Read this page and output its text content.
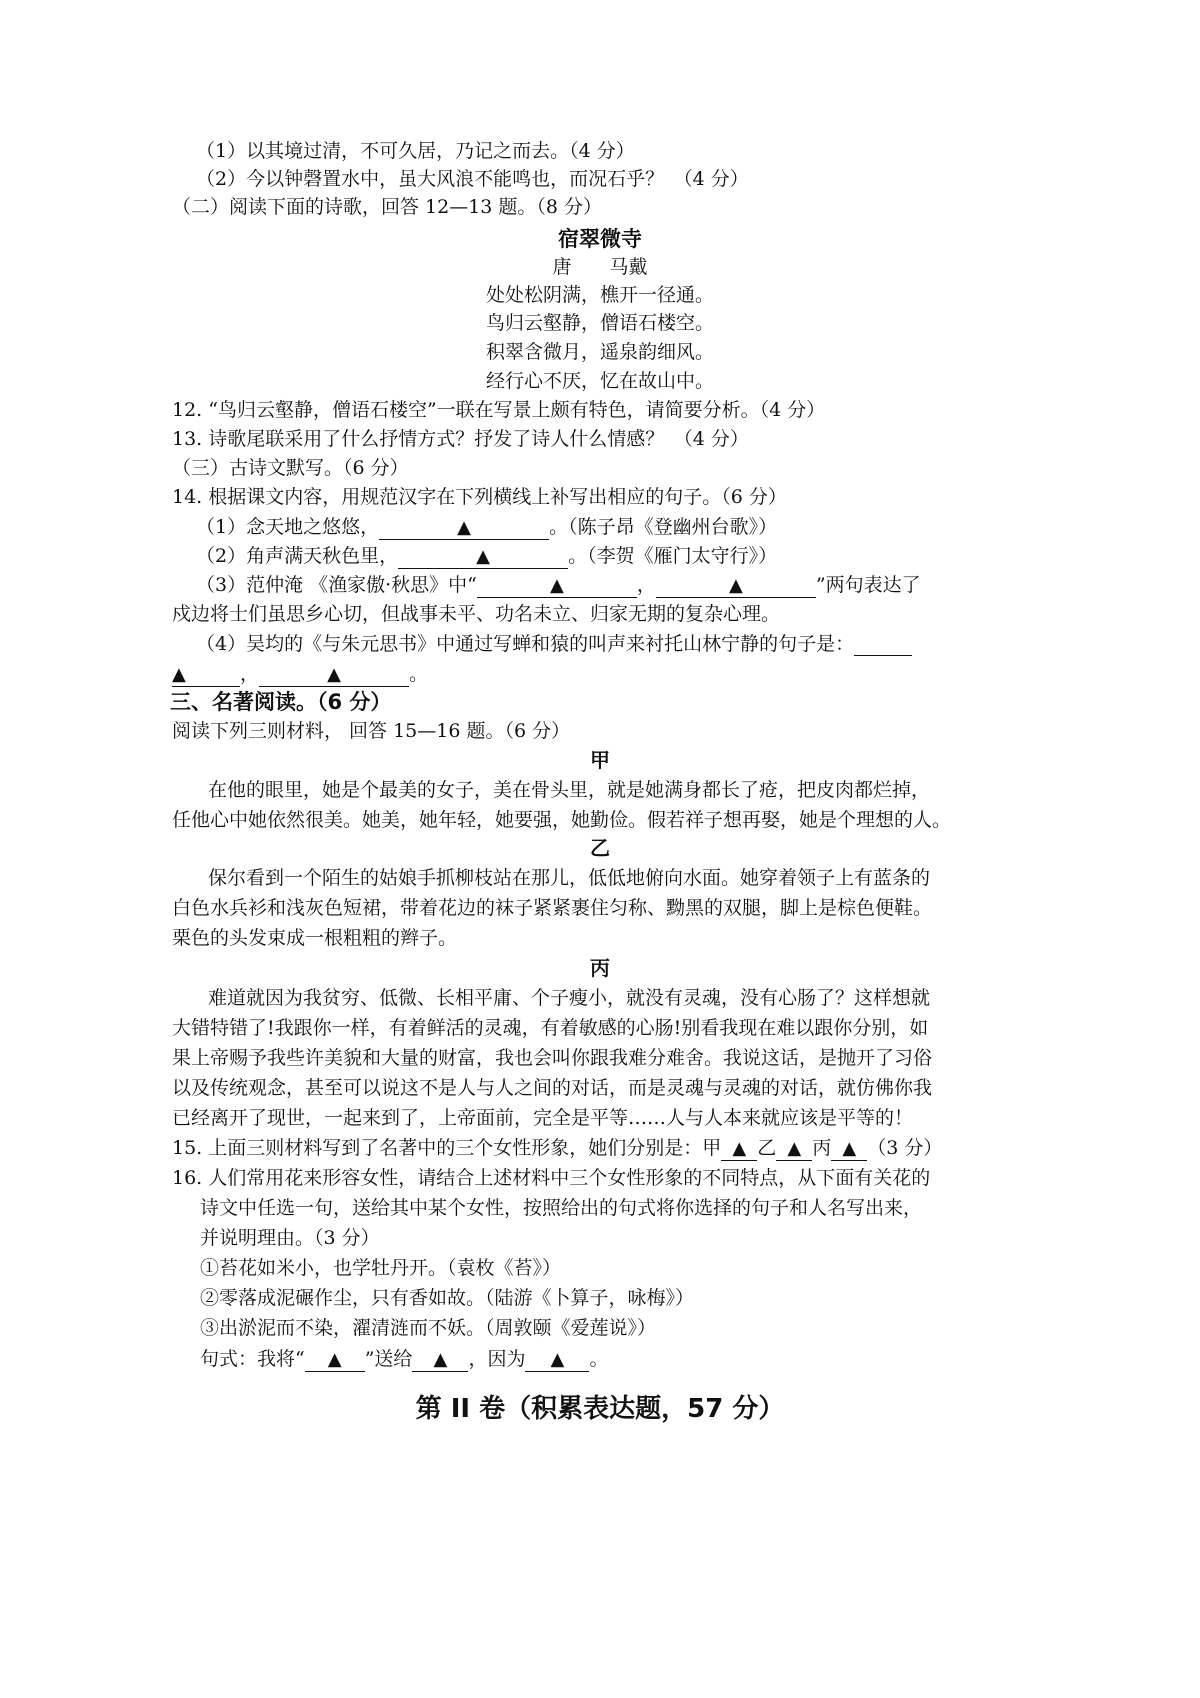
（1）以其境过清，不可久居，乃记之而去。（4 分）
（2）今以钟磬置水中，虽大风浪不能鸣也，而况石乎？　（4 分）
（二）阅读下面的诗歌，回答 12—13 题。（8 分）
宿翠微寺
唐　　马戴
处处松阴满，樵开一径通。
鸟归云壑静，僧语石楼空。
积翠含微月，遥泉韵细风。
经行心不厌，忆在故山中。
12. “鸟归云壑静，僧语石楼空”一联在写景上颇有特色，请简要分析。（4 分）
13. 诗歌尾联采用了什么抒情方式？抒发了诗人什么情感？　（4 分）
（三）古诗文默写。（6 分）
14. 根据课文内容，用规范汉字在下列横线上补写出相应的句子。（6 分）
（1）念天地之悠悠，	▲	。（陈子昂《登幽州台歌》）
（2）角声满天秋色里，	▲	。（李贺《雁门太守行》）
（3）范仲淹 《渔家傲·秋思》中“	▲	，	▲	”两句表达了
戍边将士们虽思乡心切，但战事未平、功名未立、归家无期的复杂心理。
（4）吴均的《与朱元思书》中通过写蝉和猿的叫声来衬托山林宁静的句子是：
▲	，	▲	。
三、名著阅读。（6 分）
阅读下列三则材料， 回答 15—16 题。（6 分）
甲
在他的眼里，她是个最美的女子，美在骨头里，就是她满身都长了疮，把皮肉都烂掉，
任他心中她依然很美。她美，她年轻，她要强，她勤俭。假若祥子想再娶，她是个理想的人。
乙
保尔看到一个陌生的姑娘手抓柳枝站在那儿，低低地俯向水面。她穿着领子上有蓝条的
白色水兵衫和浅灰色短裙，带着花边的袜子紧紧裹住匀称、黝黑的双腿，脚上是棕色便鞋。
栗色的头发束成一根粗粗的辫子。
丙
难道就因为我贫穷、低微、长相平庸、个子瘦小，就没有灵魂，没有心肠了？这样想就
大错特错了!我跟你一样，有着鲜活的灵魂，有着敏感的心肠!别看我现在难以跟你分别，如
果上帝赐予我些许美貌和大量的财富，我也会叫你跟我难分难舍。我说这话，是抛开了习俗
以及传统观念，甚至可以说这不是人与人之间的对话，而是灵魂与灵魂的对话，就仿佛你我
已经离开了现世，一起来到了，上帝面前，完全是平等……人与人本来就应该是平等的！
15. 上面三则材料写到了名著中的三个女性形象，她们分别是：甲 ▲ 乙 ▲ 丙 ▲ （3 分）
16. 人们常用花来形容女性，请结合上述材料中三个女性形象的不同特点，从下面有关花的
诗文中任选一句，送给其中某个女性，按照给出的句式将你选择的句子和人名写出来，
并说明理由。（3 分）
①苔花如米小，也学牡丹开。（袁枚《苔》）
②零落成泥碾作尘，只有香如故。（陆游《卜算子，咏梅》）
③出淤泥而不染，濯清涟而不妖。（周敦颐《爱莲说》）
句式：我将“ ▲ ”送给 ▲ ，因为 ▲ 。
第 II 卷（积累表达题，57 分）
